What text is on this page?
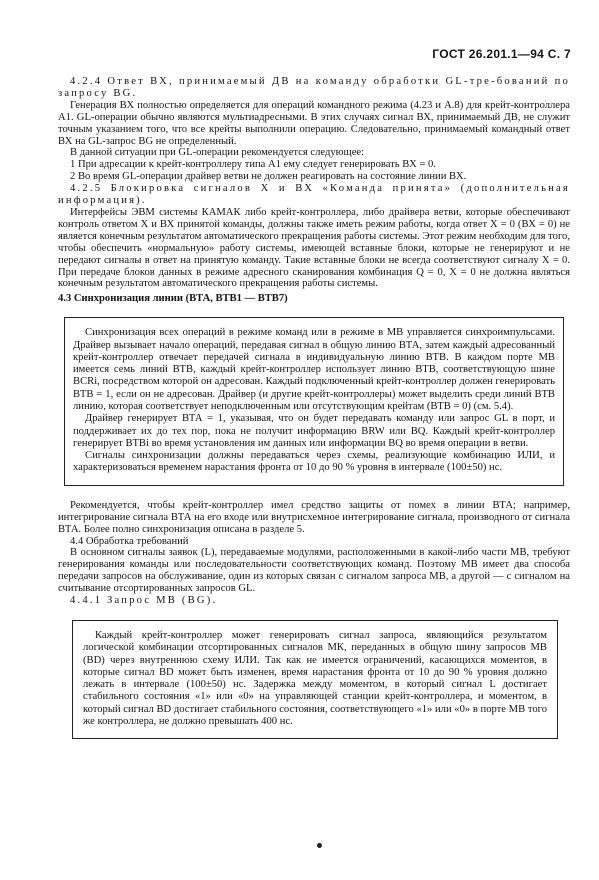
ГОСТ 26.201.1—94 С. 7

4.2.4 Ответ ВХ, принимаемый ДВ на команду обработки GL-тре-бований по запросу BG.

Генерация ВХ полностью определяется для операций командного режима (4.23 и А.8) для крейт-контроллера А1. GL-операции обычно являются мультиадресными. В этих случаях сигнал ВХ, принимаемый ДВ, не служит точным указанием того, что все крейты выполнили операцию. Следовательно, принимаемый командный ответ ВХ на GL-запрос BG не определенный.

В данной ситуации при GL-операции рекомендуется следующее:

1 При адресации к крейт-контроллеру типа А1 ему следует генерировать ВХ = 0.

2 Во время GL-операции драйвер ветви не должен реагировать на состояние линии ВХ.

4.2.5 Блокировка сигналов Х и ВХ «Команда принята» (дополнительная информация).

Интерфейсы ЭВМ системы КАМАК либо крейт-контроллера, либо драйвера ветви, которые обеспечивают контроль ответом Х и ВХ принятой команды, должны также иметь режим работы, когда ответ Х = 0 (ВХ = 0) не является конечным результатом автоматического прекращения работы системы. Этот режим необходим для того, чтобы обеспечить «нормальную» работу системы, имеющей вставные блоки, которые не генерируют и не передают сигналы в ответ на принятую команду. Такие вставные блоки не всегда соответствуют сигналу Х = 0. При передаче блоков данных в режиме адресного сканирования комбинация Q = 0, Х = 0 не должна являться конечным результатом автоматического прекращения работы системы.

4.3 Синхронизация линии (ВТА, ВТВ1 — ВТВ7)

Синхронизация всех операций в режиме команд или в режиме в МВ управляется синхроимпульсами. Драйвер вызывает начало операций, передавая сигнал в общую линию ВТА, затем каждый адресованный крейт-контроллер отвечает передачей сигнала в индивидуальную линию ВТВ. В каждом порте МВ имеется семь линий ВТВ, каждый крейт-контроллер использует линию ВТВ, соответствующую шине BCRi, посредством которой он адресован. Каждый подключенный крейт-контроллер должен генерировать ВТВ = 1, если он не адресован. Драйвер (и другие крейт-контроллеры) может выделить среди линий ВТВ линию, которая соответствует неподключенным или отсутствующим крейтам (ВТВ = 0) (см. 5.4).

Драйвер генерирует ВТА = 1, указывая, что он будет передавать команду или запрос GL в порт, и поддерживает их до тех пор, пока не получит информацию BRW или BQ. Каждый крейт-контроллер генерирует ВТВi во время установления им данных или информации BQ во время операции в ветви.

Сигналы синхронизации должны передаваться через схемы, реализующие комбинацию ИЛИ, и характеризоваться временем нарастания фронта от 10 до 90 % уровня в интервале (100±50) нс.

Рекомендуется, чтобы крейт-контроллер имел средство защиты от помех в линии ВТА; например, интегрирование сигнала ВТА на его входе или внутрисхемное интегрирование сигнала, производного от сигнала ВТА. Более полно синхронизация описана в разделе 5.

4.4 Обработка требований

В основном сигналы заявок (L), передаваемые модулями, расположенными в какой-либо части МВ, требуют генерирования команды или последовательности соответствующих команд. Поэтому МВ имеет два способа передачи запросов на обслуживание, один из которых связан с сигналом запроса МВ, а другой — с сигналом на считывание отсортированных запросов GL.

4.4.1 Запрос МВ (BG).

Каждый крейт-контроллер может генерировать сигнал запроса, являющийся результатом логической комбинации отсортированных сигналов МК, переданных в общую шину запросов МВ (BD) через внутреннюю схему ИЛИ. Так как не имеется ограничений, касающихся моментов, в которые сигнал BD может быть изменен, время нарастания фронта от 10 до 90 % уровня должно лежать в интервале (100±50) нс. Задержка между моментом, в который сигнал L достигает стабильного состояния «1» или «0» на управляющей станции крейт-контроллера, и моментом, в который сигнал BD достигает стабильного состояния, соответствующего «1» или «0» в порте МВ того же контроллера, не должно превышать 400 нс.
